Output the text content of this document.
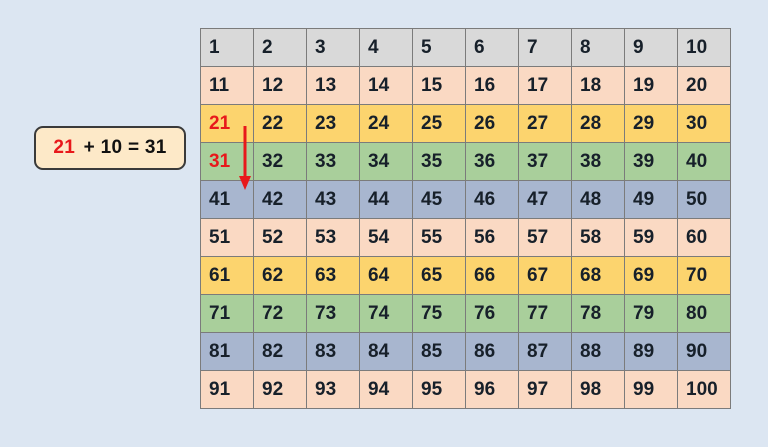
21 + 10 = 31
1	2	3	4	5	6	7	8	9	10
11	12	13	14	15	16	17	18	19	20
21	22	23	24	25	26	27	28	29	30
31	32	33	34	35	36	37	38	39	40
41	42	43	44	45	46	47	48	49	50
51	52	53	54	55	56	57	58	59	60
61	62	63	64	65	66	67	68	69	70
71	72	73	74	75	76	77	78	79	80
81	82	83	84	85	86	87	88	89	90
91	92	93	94	95	96	97	98	99	100
